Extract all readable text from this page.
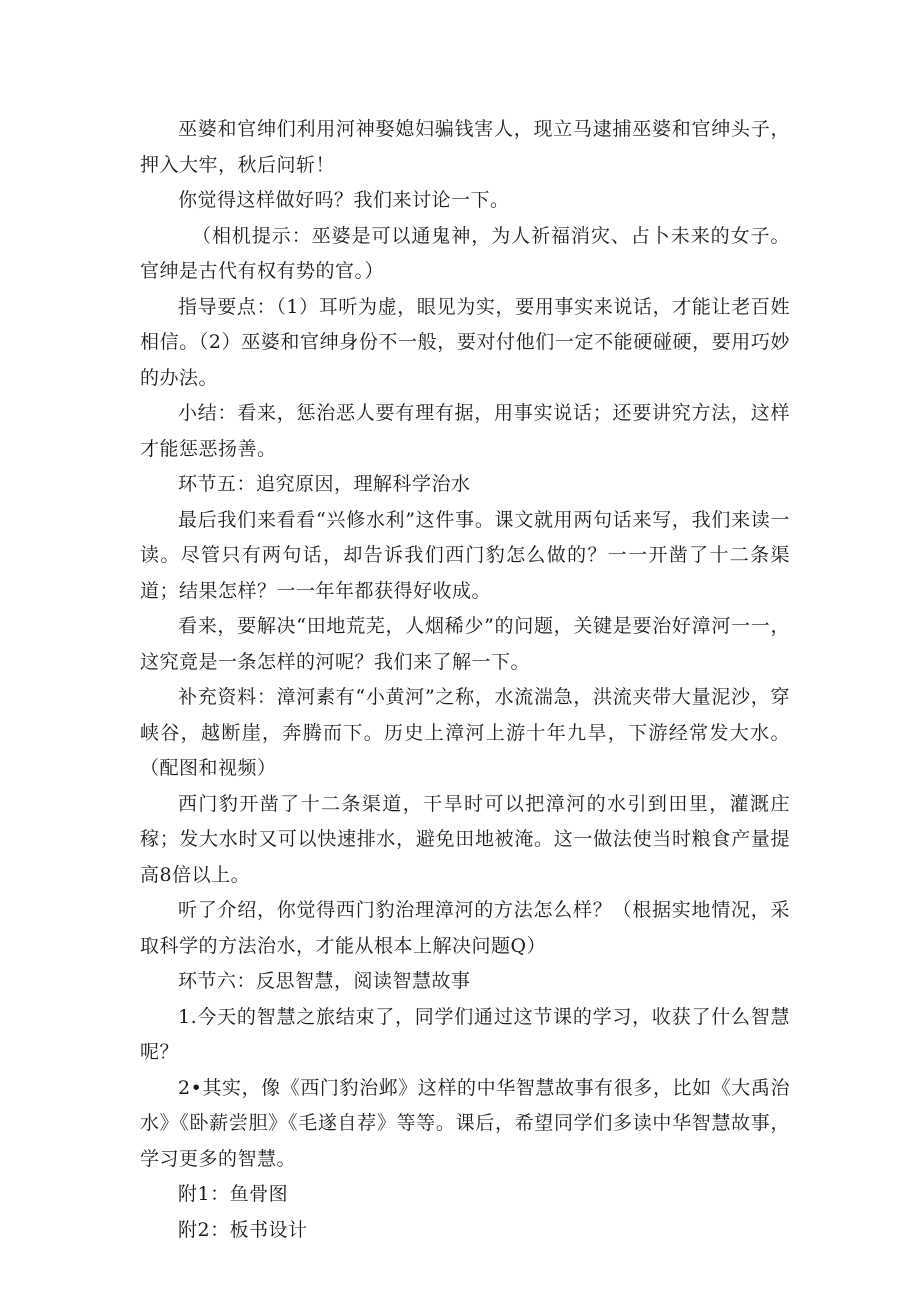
巫婆和官绅们利用河神娶媳妇骗钱害人，现立马逮捕巫婆和官绅头子，押入大牢，秋后问斩！

你觉得这样做好吗？我们来讨论一下。

（相机提示：巫婆是可以通鬼神，为人祈福消灾、占卜未来的女子。官绅是古代有权有势的官。）

指导要点：（1）耳听为虚，眼见为实，要用事实来说话，才能让老百姓相信。（2）巫婆和官绅身份不一般，要对付他们一定不能硬碰硬，要用巧妙的办法。

小结：看来，惩治恶人要有理有据，用事实说话；还要讲究方法，这样才能惩恶扬善。

环节五：追究原因，理解科学治水

最后我们来看看“兴修水利”这件事。课文就用两句话来写，我们来读一读。尽管只有两句话，却告诉我们西门豹怎么做的？一一开凿了十二条渠道；结果怎样？一一年年都获得好收成。

看来，要解决“田地荒芜，人烟稀少”的问题，关键是要治好漳河一一，这究竟是一条怎样的河呢？我们来了解一下。

补充资料：漳河素有“小黄河”之称，水流湍急，洪流夹带大量泥沙，穿峡谷，越断崖，奔腾而下。历史上漳河上游十年九旱，下游经常发大水。（配图和视频）

西门豹开凿了十二条渠道，干旱时可以把漳河的水引到田里，灌溉庄稼；发大水时又可以快速排水，避免田地被淹。这一做法使当时粮食产量提高8倍以上。

听了介绍，你觉得西门豹治理漳河的方法怎么样？（根据实地情况，采取科学的方法治水，才能从根本上解决问题Q）

环节六：反思智慧，阅读智慧故事

1.今天的智慧之旅结束了，同学们通过这节课的学习，收获了什么智慧呢？

2•其实，像《西门豹治邺》这样的中华智慧故事有很多，比如《大禹治水》《卧薪尝胆》《毛遂自荐》等等。课后，希望同学们多读中华智慧故事，学习更多的智慧。

附1：鱼骨图

附2：板书设计
